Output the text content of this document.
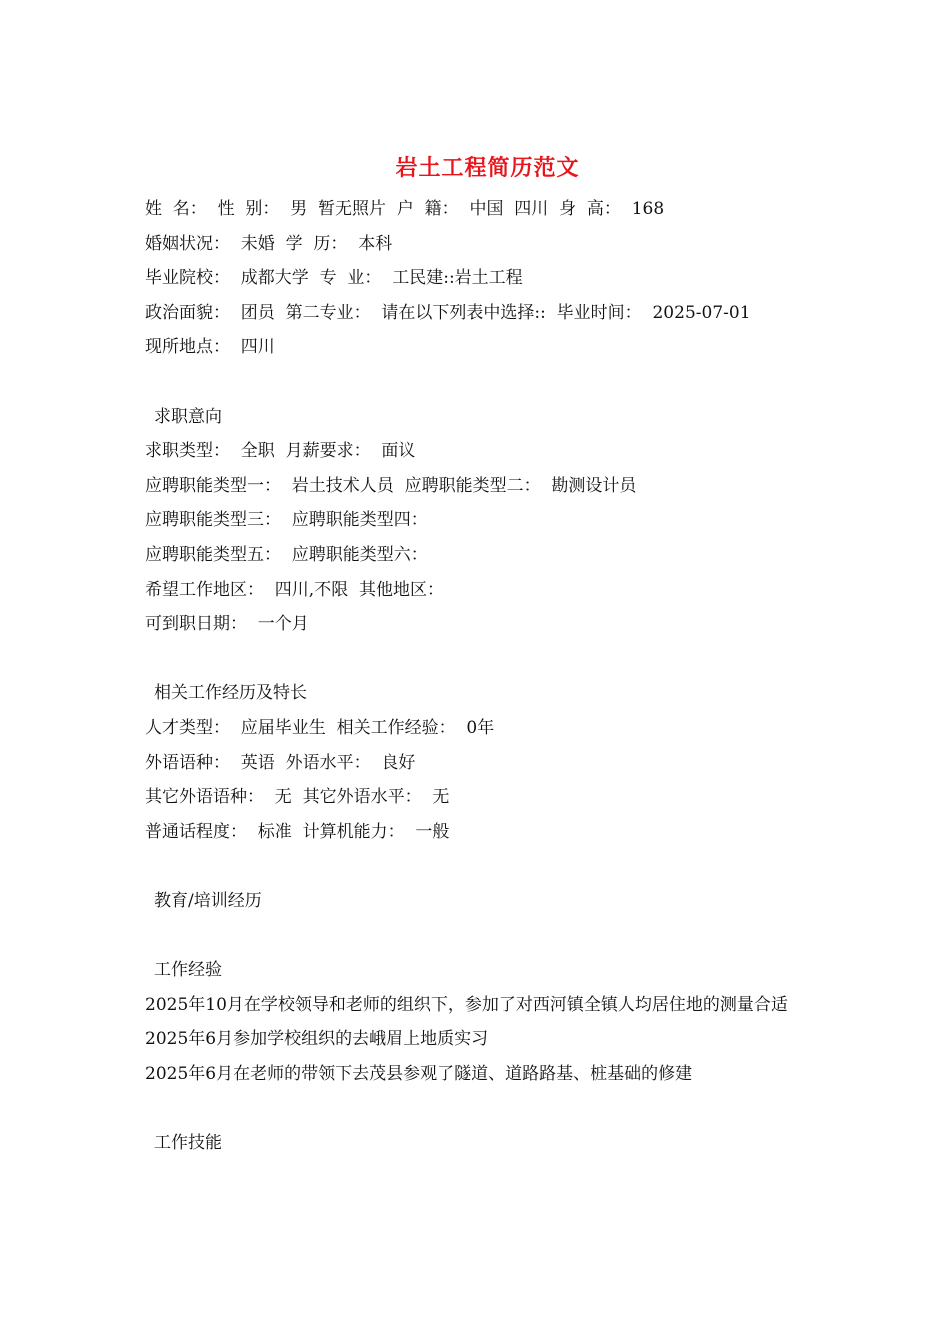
岩土工程简历范文

姓  名：  性  别：  男  暂无照片  户  籍：  中国  四川  身  高：  168

婚姻状况：  未婚  学  历：  本科

毕业院校：  成都大学  专  业：  工民建::岩土工程

政治面貌：  团员  第二专业：  请在以下列表中选择::  毕业时间：  2025-07-01

现所地点：  四川

求职意向

求职类型：  全职  月薪要求：  面议

应聘职能类型一：  岩土技术人员  应聘职能类型二：  勘测设计员

应聘职能类型三：  应聘职能类型四：

应聘职能类型五：  应聘职能类型六：

希望工作地区：  四川,不限  其他地区：

可到职日期：  一个月

相关工作经历及特长

人才类型：  应届毕业生  相关工作经验：  0年

外语语种：  英语  外语水平：  良好

其它外语语种：  无  其它外语水平：  无

普通话程度：  标准  计算机能力：  一般

教育/培训经历

工作经验

2025年10月在学校领导和老师的组织下，参加了对西河镇全镇人均居住地的测量合适

2025年6月参加学校组织的去峨眉上地质实习

2025年6月在老师的带领下去茂县参观了隧道、道路路基、桩基础的修建

工作技能
